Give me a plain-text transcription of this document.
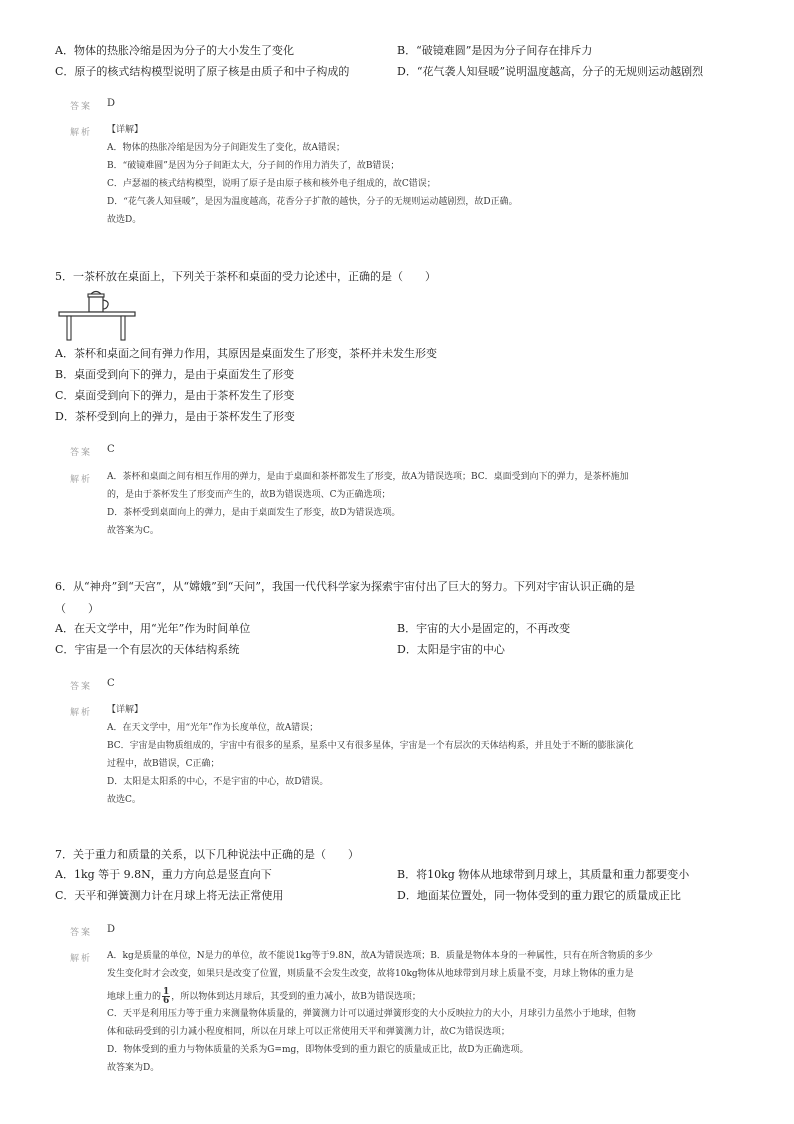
A．物体的热胀冷缩是因为分子的大小发生了变化	B．“破镜难圆”是因为分子间存在排斥力
C．原子的核式结构模型说明了原子核是由质子和中子构成的	D．“花气袭人知昼暖”说明温度越高，分子的无规则运动越剧烈
答案 D
解析 【详解】
A．物体的热胀冷缩是因为分子间距发生了变化，故A错误；
B．“破镜难圆”是因为分子间距太大，分子间的作用力消失了，故B错误；
C．卢瑟福的核式结构模型，说明了原子是由原子核和核外电子组成的，故C错误；
D．“花气袭人知昼暖”，是因为温度越高，花香分子扩散的越快，分子的无规则运动越剧烈，故D正确。
故选D。
5．一茶杯放在桌面上，下列关于茶杯和桌面的受力论述中，正确的是（　　）
A．茶杯和桌面之间有弹力作用，其原因是桌面发生了形变，茶杯并未发生形变
B．桌面受到向下的弹力，是由于桌面发生了形变
C．桌面受到向下的弹力，是由于茶杯发生了形变
D．茶杯受到向上的弹力，是由于茶杯发生了形变
答案 C
解析 A．茶杯和桌面之间有相互作用的弹力，是由于桌面和茶杯都发生了形变，故A为错误选项；BC．桌面受到向下的弹力，是茶杯施加
的，是由于茶杯发生了形变而产生的，故B为错误选项、C为正确选项；
D．茶杯受到桌面向上的弹力，是由于桌面发生了形变，故D为错误选项。
故答案为C。
6．从“神舟”到“天宫”，从“嫦娥”到“天问”，我国一代代科学家为探索宇宙付出了巨大的努力。下列对宇宙认识正确的是
（　　）
A．在天文学中，用“光年”作为时间单位	B．宇宙的大小是固定的，不再改变
C．宇宙是一个有层次的天体结构系统	D．太阳是宇宙的中心
答案 C
解析 【详解】
A．在天文学中，用“光年”作为长度单位，故A错误；
BC．宇宙是由物质组成的，宇宙中有很多的星系，星系中又有很多星体，宇宙是一个有层次的天体结构系，并且处于不断的膨胀演化
过程中，故B错误，C正确；
D．太阳是太阳系的中心，不是宇宙的中心，故D错误。
故选C。
7．关于重力和质量的关系，以下几种说法中正确的是（　　）
A．1kg 等于 9.8N，重力方向总是竖直向下	B．将10kg 物体从地球带到月球上，其质量和重力都要变小
C．天平和弹簧测力计在月球上将无法正常使用	D．地面某位置处，同一物体受到的重力跟它的质量成正比
答案 D
解析 A．kg是质量的单位，N是力的单位，故不能说1kg等于9.8N，故A为错误选项；B．质量是物体本身的一种属性，只有在所含物质的多少
发生变化时才会改变，如果只是改变了位置，则质量不会发生改变，故将10kg物体从地球带到月球上质量不变，月球上物体的重力是
地球上重力的 $\frac{1}{6}$ ，所以物体到达月球后，其受到的重力减小，故B为错误选项；
C．天平是利用压力等于重力来测量物体质量的，弹簧测力计可以通过弹簧形变的大小反映拉力的大小，月球引力虽然小于地球，但物
体和砝码受到的引力减小程度相同，所以在月球上可以正常使用天平和弹簧测力计，故C为错误选项；
D．物体受到的重力与物体质量的关系为G=mg，即物体受到的重力跟它的质量成正比，故D为正确选项。
故答案为D。
